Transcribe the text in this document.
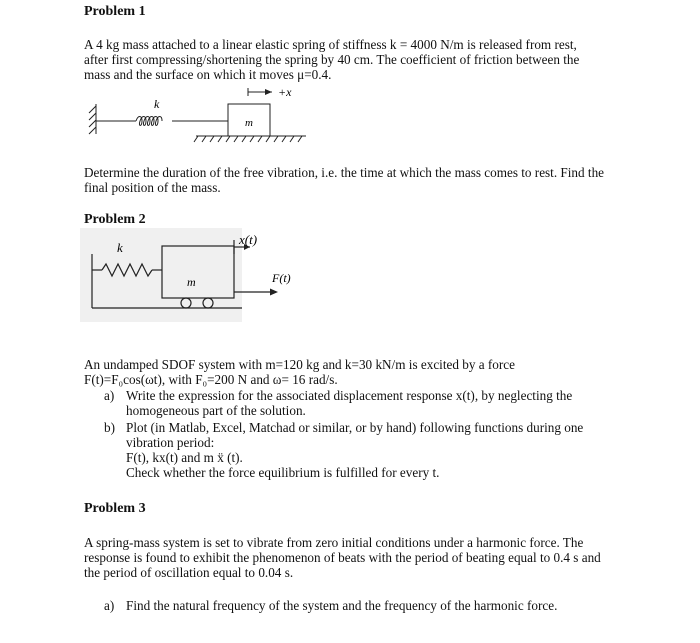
Problem 1
A 4 kg mass attached to a linear elastic spring of stiffness k = 4000 N/m is released from rest,
after first compressing/shortening the spring by 40 cm. The coefficient of friction between the
mass and the surface on which it moves μ=0.4.
k
m
+x
Determine the duration of the free vibration, i.e. the time at which the mass comes to rest. Find the
final position of the mass.
Problem 2
k
m
x(t)
F(t)
An undamped SDOF system with m=120 kg and k=30 kN/m is excited by a force
F(t)=F₀cos(ωt), with F₀=200 N and ω= 16 rad/s.
a) Write the expression for the associated displacement response x(t), by neglecting the
homogeneous part of the solution.
b) Plot (in Matlab, Excel, Matchad or similar, or by hand) following functions during one
vibration period:
F(t), kx(t) and m ẍ (t).
Check whether the force equilibrium is fulfilled for every t.
Problem 3
A spring-mass system is set to vibrate from zero initial conditions under a harmonic force. The
response is found to exhibit the phenomenon of beats with the period of beating equal to 0.4 s and
the period of oscillation equal to 0.04 s.
a) Find the natural frequency of the system and the frequency of the harmonic force.
